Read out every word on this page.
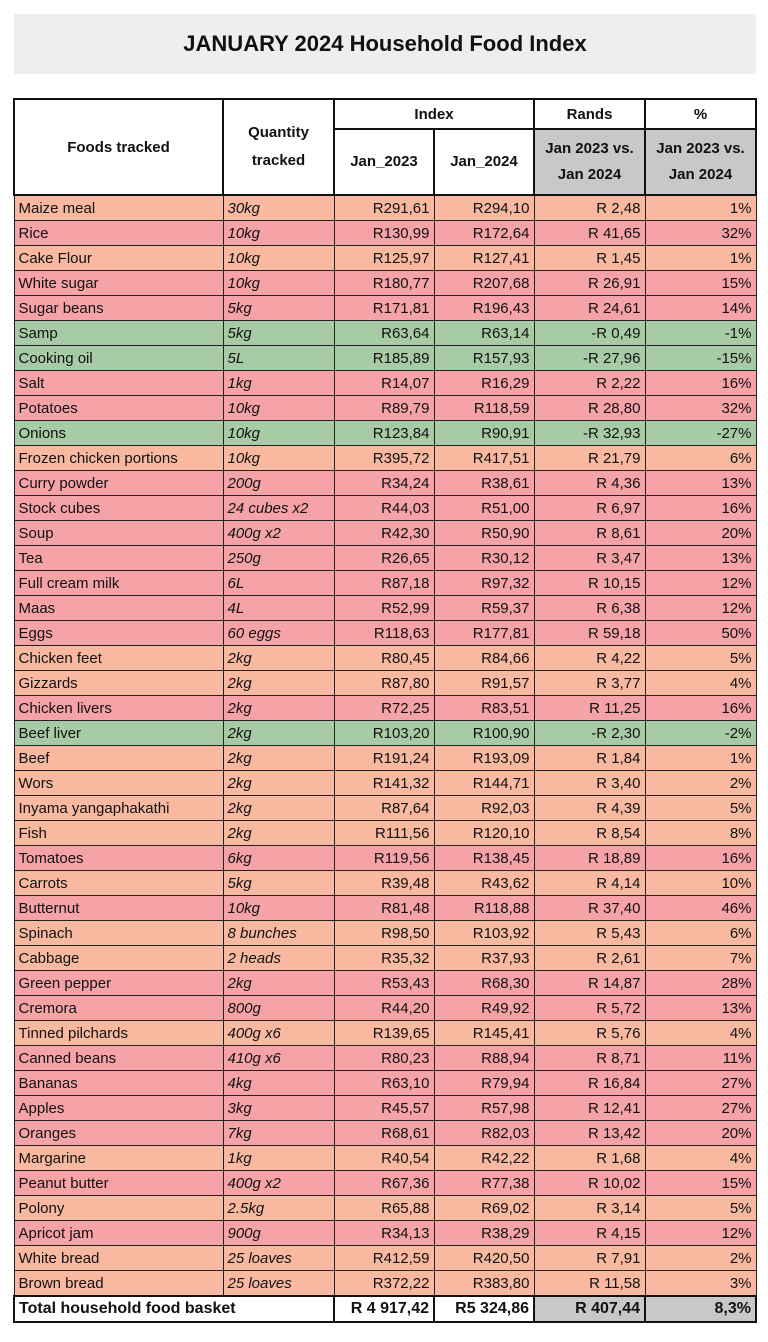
JANUARY 2024 Household Food Index
Foods tracked	Quantity tracked	Index		Rands	%
		Jan_2023	Jan_2024	Jan 2023 vs. Jan 2024	Jan 2023 vs. Jan 2024
Maize meal	30kg	R291,61	R294,10	R 2,48	1%
Rice	10kg	R130,99	R172,64	R 41,65	32%
Cake Flour	10kg	R125,97	R127,41	R 1,45	1%
White sugar	10kg	R180,77	R207,68	R 26,91	15%
Sugar beans	5kg	R171,81	R196,43	R 24,61	14%
Samp	5kg	R63,64	R63,14	-R 0,49	-1%
Cooking oil	5L	R185,89	R157,93	-R 27,96	-15%
Salt	1kg	R14,07	R16,29	R 2,22	16%
Potatoes	10kg	R89,79	R118,59	R 28,80	32%
Onions	10kg	R123,84	R90,91	-R 32,93	-27%
Frozen chicken portions	10kg	R395,72	R417,51	R 21,79	6%
Curry powder	200g	R34,24	R38,61	R 4,36	13%
Stock cubes	24 cubes x2	R44,03	R51,00	R 6,97	16%
Soup	400g x2	R42,30	R50,90	R 8,61	20%
Tea	250g	R26,65	R30,12	R 3,47	13%
Full cream milk	6L	R87,18	R97,32	R 10,15	12%
Maas	4L	R52,99	R59,37	R 6,38	12%
Eggs	60 eggs	R118,63	R177,81	R 59,18	50%
Chicken feet	2kg	R80,45	R84,66	R 4,22	5%
Gizzards	2kg	R87,80	R91,57	R 3,77	4%
Chicken livers	2kg	R72,25	R83,51	R 11,25	16%
Beef liver	2kg	R103,20	R100,90	-R 2,30	-2%
Beef	2kg	R191,24	R193,09	R 1,84	1%
Wors	2kg	R141,32	R144,71	R 3,40	2%
Inyama yangaphakathi	2kg	R87,64	R92,03	R 4,39	5%
Fish	2kg	R111,56	R120,10	R 8,54	8%
Tomatoes	6kg	R119,56	R138,45	R 18,89	16%
Carrots	5kg	R39,48	R43,62	R 4,14	10%
Butternut	10kg	R81,48	R118,88	R 37,40	46%
Spinach	8 bunches	R98,50	R103,92	R 5,43	6%
Cabbage	2 heads	R35,32	R37,93	R 2,61	7%
Green pepper	2kg	R53,43	R68,30	R 14,87	28%
Cremora	800g	R44,20	R49,92	R 5,72	13%
Tinned pilchards	400g x6	R139,65	R145,41	R 5,76	4%
Canned beans	410g x6	R80,23	R88,94	R 8,71	11%
Bananas	4kg	R63,10	R79,94	R 16,84	27%
Apples	3kg	R45,57	R57,98	R 12,41	27%
Oranges	7kg	R68,61	R82,03	R 13,42	20%
Margarine	1kg	R40,54	R42,22	R 1,68	4%
Peanut butter	400g x2	R67,36	R77,38	R 10,02	15%
Polony	2.5kg	R65,88	R69,02	R 3,14	5%
Apricot jam	900g	R34,13	R38,29	R 4,15	12%
White bread	25 loaves	R412,59	R420,50	R 7,91	2%
Brown bread	25 loaves	R372,22	R383,80	R 11,58	3%
Total household food basket		R 4 917,42	R5 324,86	R 407,44	8,3%
